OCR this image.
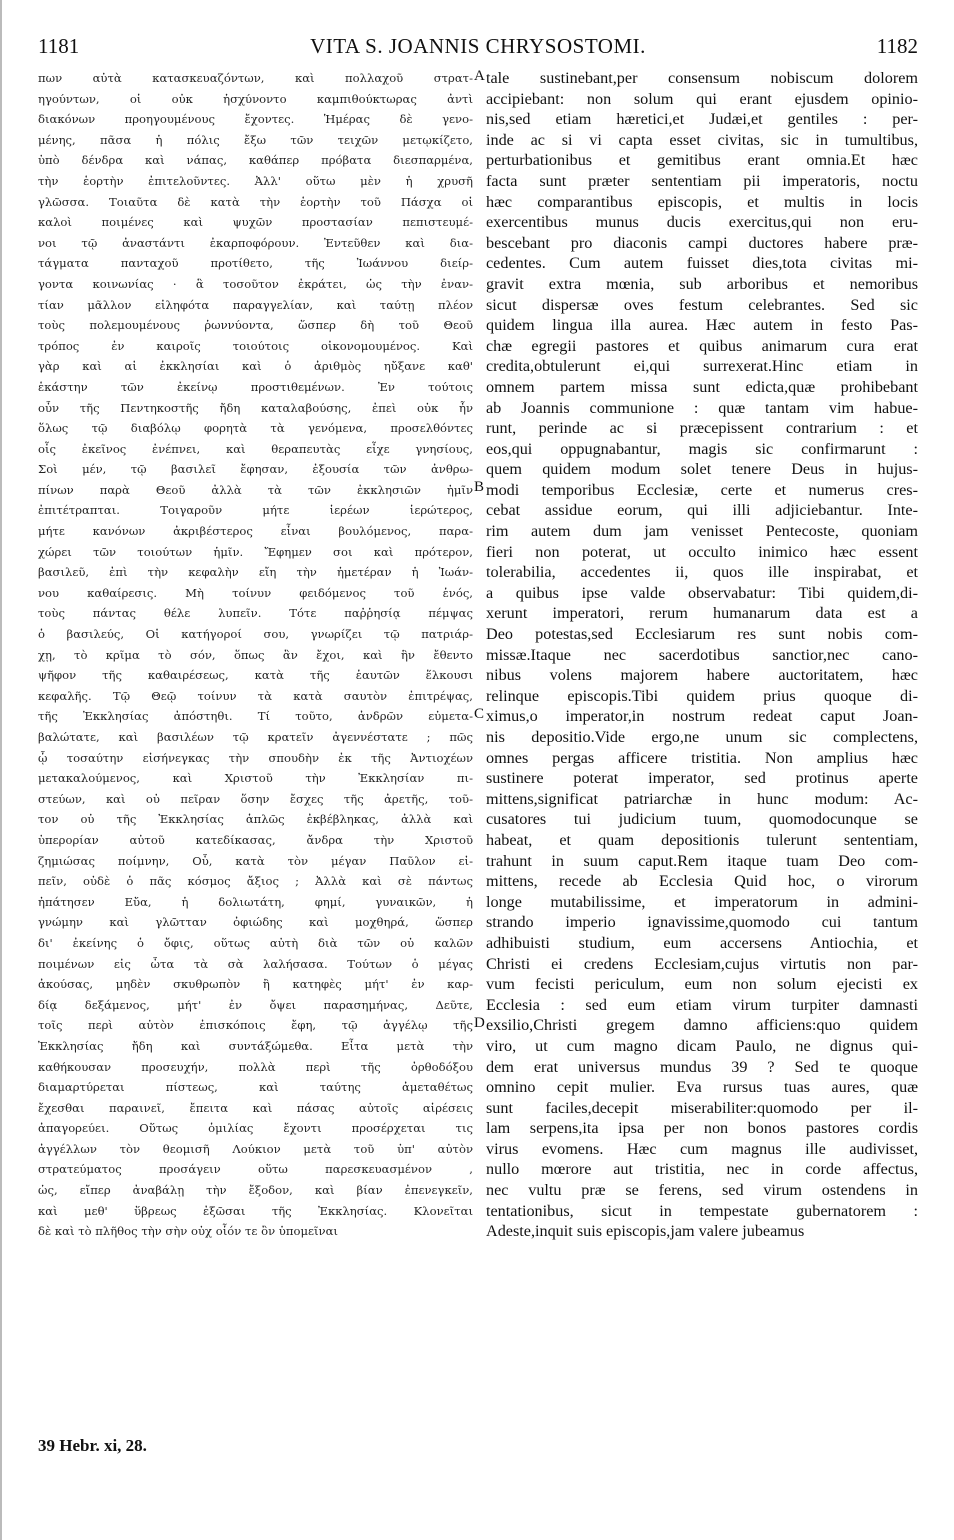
1181	VITA S. JOANNIS CHRYSOSTOMI.	1182
πων αὐτὰ κατασκευαζόντων, καὶ πολλαχοῦ στρατ-
ηγούντων, οἱ οὐκ ἡσχύνοντο καμπιθούκτωρας ἀντὶ
διακόνων προηγουμένους ἔχοντες. Ἡμέρας δὲ γενο-
μένης, πᾶσα ἡ πόλις ἔξω τῶν τειχῶν μετῳκίζετο,
ὑπὸ δένδρα καὶ νάπας, καθάπερ πρόβατα διεσπαρμένα,
τὴν ἑορτὴν ἐπιτελοῦντες. Ἀλλ' οὕτω μὲν ἡ χρυσῆ
γλῶσσα. Τοιαῦτα δὲ κατὰ τὴν ἑορτὴν τοῦ Πάσχα οἱ
καλοὶ ποιμένες καὶ ψυχῶν προστασίαν πεπιστευμέ-
νοι τῷ ἀναστάντι ἐκαρποφόρουν. Ἐντεῦθεν καὶ δια-
τάγματα πανταχοῦ προτίθετο, τῆς Ἰωάννου διείρ-
γοντα κοινωνίας · ἃ τοσοῦτον ἐκράτει, ὡς τὴν ἐναν-
τίαν μᾶλλον εἰληφότα παραγγελίαν, καὶ ταύτῃ πλέον
τοὺς πολεμουμένους ῥωννύοντα, ὥσπερ δὴ τοῦ Θεοῦ
τρόπος ἐν καιροῖς τοιούτοις οἰκονομουμένος. Καὶ
γὰρ καὶ αἱ ἐκκλησίαι καὶ ὁ ἀριθμὸς ηὔξανε καθ'
ἑκάστην τῶν ἐκείνῳ προστιθεμένων. Ἐν τούτοις
οὖν τῆς Πεντηκοστῆς ἤδη καταλαβούσης, ἐπεὶ οὐκ ἦν
ὅλως τῷ διαβόλῳ φορητὰ τὰ γενόμενα, προσελθόντες
οἷς ἐκεῖνος ἐνέπνει, καὶ θεραπευτὰς εἶχε γνησίους,
Σοὶ μέν, τῷ βασιλεῖ ἔφησαν, ἐξουσία τῶν ἀνθρω-
πίνων παρὰ Θεοῦ ἀλλὰ τὰ τῶν ἐκκλησιῶν ἡμῖν
ἐπιτέτραπται. Τοιγαροῦν μήτε ἱερέων ἱερώτερος,
μήτε κανόνων ἀκριβέστερος εἶναι βουλόμενος, παρα-
χώρει τῶν τοιούτων ἡμῖν. Ἔφημεν σοι καὶ πρότερον,
βασιλεῦ, ἐπὶ τὴν κεφαλὴν εἴη τὴν ἡμετέραν ἡ Ἰωάν-
νου καθαίρεσις. Μὴ τοίνυν φειδόμενος τοῦ ἑνός,
τοὺς πάντας θέλε λυπεῖν. Τότε παῤῥησίᾳ πέμψας
ὁ βασιλεύς, Οἱ κατήγοροί σου, γνωρίζει τῷ πατριάρ-
χῃ, τὸ κρῖμα τὸ σόν, ὅπως ἂν ἔχοι, καὶ ἣν ἔθεντο
ψῆφον τῆς καθαιρέσεως, κατὰ τῆς ἑαυτῶν ἕλκουσι
κεφαλῆς. Τῷ Θεῷ τοίνυν τὰ κατὰ σαυτὸν ἐπιτρέψας,
τῆς Ἐκκλησίας ἀπόστηθι. Τί τοῦτο, ἀνδρῶν εὐμετα-
βαλώτατε, καὶ βασιλέων τῷ κρατεῖν ἀγεννέστατε ; πῶς
ᾧ τοσαύτην εἰσήνεγκας τὴν σπουδὴν ἐκ τῆς Ἀντιοχέων
μετακαλούμενος, καὶ Χριστοῦ τὴν Ἐκκλησίαν πι-
στεύων, καὶ οὐ πεῖραν ὅσην ἔσχες τῆς ἀρετῆς, τοῦ-
τον οὐ τῆς Ἐκκλησίας ἁπλῶς ἐκβέβληκας, ἀλλὰ καὶ
ὑπερορίαν αὐτοῦ κατεδίκασας, ἄνδρα τὴν Χριστοῦ
ζημιώσας ποίμνην, Οὗ, κατὰ τὸν μέγαν Παῦλον εἰ-
πεῖν, οὐδὲ ὁ πᾶς κόσμος ἄξιος ; Ἀλλὰ καὶ σὲ πάντως
ἠπάτησεν Εὔα, ἡ δολιωτάτη, φημί, γυναικῶν, ἡ
γνώμην καὶ γλῶτταν ὀφιώδης καὶ μοχθηρά, ὥσπερ
δι' ἐκείνης ὁ ὄφις, οὕτως αὐτὴ διὰ τῶν οὐ καλῶν
ποιμένων εἰς ὦτα τὰ σὰ λαλήσασα. Τούτων ὁ μέγας
ἀκούσας, μηδὲν σκυθρωπὸν ἢ κατηφὲς μήτ' ἐν καρ-
δίᾳ δεξάμενος, μήτ' ἐν ὄψει παρασημήνας, Δεῦτε,
τοῖς περὶ αὐτὸν ἐπισκόποις ἔφη, τῷ ἀγγέλῳ τῆς
Ἐκκλησίας ἤδη καὶ συντάξώμεθα. Εἶτα μετὰ τὴν
καθήκουσαν προσευχήν, πολλὰ περὶ τῆς ὀρθοδόξου
διαμαρτύρεται πίστεως, καὶ ταύτης ἀμεταθέτως
ἔχεσθαι παραινεῖ, ἔπειτα καὶ πάσας αὐτοῖς αἱρέσεις
ἀπαγορεύει. Οὕτως ὁμιλίας ἔχοντι προσέρχεται τις
ἀγγέλλων τὸν θεομισῆ Λούκιον μετὰ τοῦ ὑπ' αὐτὸν
στρατεύματος προσάγειν οὕτω παρεσκευασμένον ,
ὡς, εἴπερ ἀναβάλῃ τὴν ἔξοδον, καὶ βίαν ἐπενεγκεῖν,
καὶ μεθ' ὕβρεως ἐξῶσαι τῆς Ἐκκλησίας. Κλονεῖται
δὲ καὶ τὸ πλῆθος τὴν σὴν οὐχ οἷόν τε ὂν ὑπομεῖναι
tale sustinebant,per consensum nobiscum dolorem
accipiebant: non solum qui erant ejusdem opinio-
nis,sed etiam hæretici,et Judæi,et gentiles : per-
inde ac si vi capta esset civitas, sic in tumultibus,
perturbationibus et gemitibus erant omnia.Et hæc
facta sunt præter sententiam pii imperatoris, noctu
hæc comparantibus episcopis, et multis in locis
exercentibus munus ducis exercitus,qui non eru-
bescebant pro diaconis campi ductores habere præ-
cedentes. Cum autem fuisset dies,tota civitas mi-
gravit extra mœnia, sub arboribus et nemoribus
sicut dispersæ oves festum celebrantes. Sed sic
quidem lingua illa aurea. Hæc autem in festo Pas-
chæ egregii pastores et quibus animarum cura erat
credita,obtulerunt ei,qui surrexerat.Hinc etiam in
omnem partem missa sunt edicta,quæ prohibebant
ab Joannis communione : quæ tantam vim habue-
runt, perinde ac si præcepissent contrarium : et
eos,qui oppugnabantur, magis sic confirmarunt :
quem quidem modum solet tenere Deus in hujus-
modi temporibus Ecclesiæ, certe et numerus cres-
cebat assidue eorum, qui illi adjiciebantur. Inte-
rim autem dum jam venisset Pentecoste, quoniam
fieri non poterat, ut occulto inimico hæc essent
tolerabilia, accedentes ii, quos ille inspirabat, et
a quibus ipse valde observabatur: Tibi quidem,di-
xerunt imperatori, rerum humanarum data est a
Deo potestas,sed Ecclesiarum res sunt nobis com-
missæ.Itaque nec sacerdotibus sanctior,nec cano-
nibus volens majorem habere auctoritatem, hæc
relinque episcopis.Tibi quidem prius quoque di-
ximus,o imperator,in nostrum redeat caput Joan-
nis depositio.Vide ergo,ne unum sic complectens,
omnes pergas afficere tristitia. Non amplius hæc
sustinere poterat imperator, sed protinus aperte
mittens,significat patriarchæ in hunc modum: Ac-
cusatores tui judicium tuum, quomodocunque se
habeat, et quam depositionis tulerunt sententiam,
trahunt in suum caput.Rem itaque tuam Deo com-
mittens, recede ab Ecclesia Quid hoc, o virorum
longe mutabilissime, et imperatorum in admini-
strando imperio ignavissime,quomodo cui tantum
adhibuisti studium, eum accersens Antiochia, et
Christi ei credens Ecclesiam,cujus virtutis non par-
vum fecisti periculum, eum non solum ejecisti ex
Ecclesia : sed eum etiam virum turpiter damnasti
exsilio,Christi gregem damno afficiens:quo quidem
viro, ut cum magno dicam Paulo, ne dignus qui-
dem erat universus mundus 39 ? Sed te quoque
omnino cepit mulier. Eva rursus tuas aures, quæ
sunt faciles,decepit miserabiliter:quomodo per il-
lam serpens,ita ipsa per non bonos pastores cordis
virus evomens. Hæc cum magnus ille audivisset,
nullo mœrore aut tristitia, nec in corde affectus,
nec vultu præ se ferens, sed virum ostendens in
tentationibus, sicut in tempestate gubernatorem :
Adeste,inquit suis episcopis,jam valere jubeamus
A
B
C
D
39 Hebr. xi, 28.
